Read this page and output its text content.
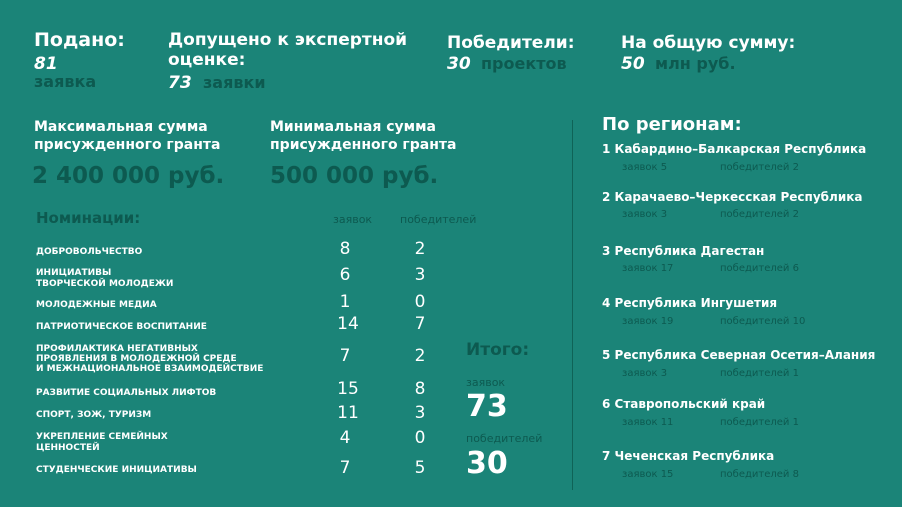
Подано:
81
заявка
Допущено к экспертной
оценке:
73 заявки
Победители:
30 проектов
На общую сумму:
50 млн руб.
Максимальная сумма
присужденного гранта
2 400 000 руб.
Минимальная сумма
присужденного гранта
500 000 руб.
Номинации:	заявок	победителей
ДОБРОВОЛЬЧЕСТВО	8	2
ИНИЦИАТИВЫ
ТВОРЧЕСКОЙ МОЛОДЕЖИ	6	3
МОЛОДЕЖНЫЕ МЕДИА	1	0
ПАТРИОТИЧЕСКОЕ ВОСПИТАНИЕ	14	7
ПРОФИЛАКТИКА НЕГАТИВНЫХ
ПРОЯВЛЕНИЯ В МОЛОДЕЖНОЙ СРЕДЕ
И МЕЖНАЦИОНАЛЬНОЕ ВЗАИМОДЕЙСТВИЕ
7	2
РАЗВИТИЕ СОЦИАЛЬНЫХ ЛИФТОВ	15	8
СПОРТ, ЗОЖ, ТУРИЗМ	11	3
УКРЕПЛЕНИЕ СЕМЕЙНЫХ
ЦЕННОСТЕЙ	4	0
СТУДЕНЧЕСКИЕ ИНИЦИАТИВЫ	7	5
Итого:
заявок
73
победителей
30
По регионам:
1 Кабардино–Балкарская Республика
заявок 5	победителей 2
2 Карачаево–Черкесская Республика
заявок 3	победителей 2
3 Республика Дагестан
заявок 17	победителей 6
4 Республика Ингушетия
заявок 19	победителей 10
5 Республика Северная Осетия–Алания
заявок 3	победителей 1
6 Ставропольский край
заявок 11	победителей 1
7 Чеченская Республика
заявок 15	победителей 8
